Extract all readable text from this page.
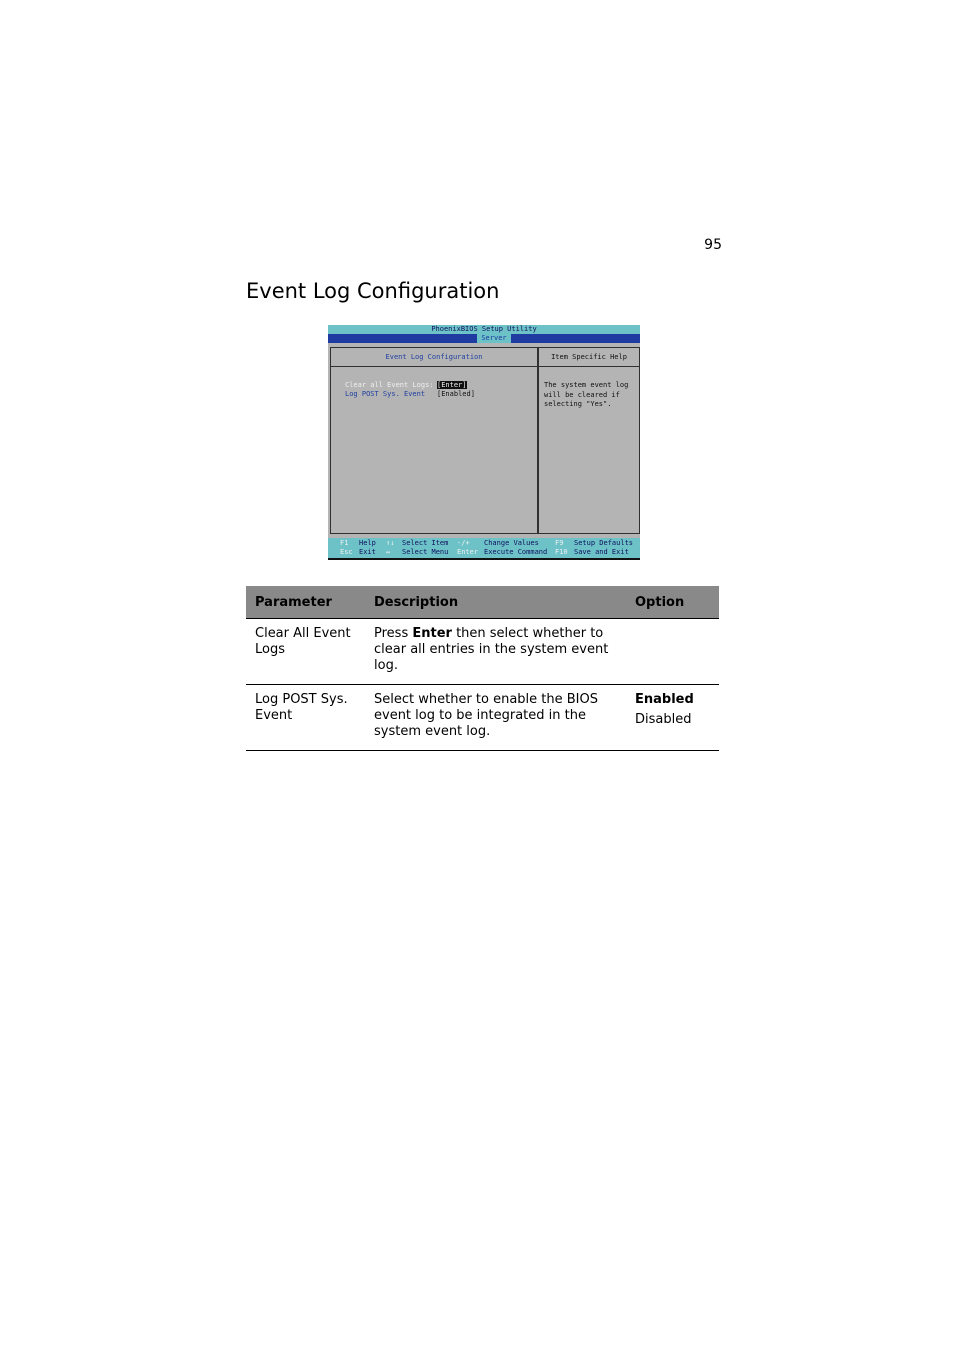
95
Event Log Configuration
PhoenixBIOS Setup Utility
Server
Event Log Configuration
Clear all Event Logs: [Enter]
Log POST Sys. Event [Enabled]
Item Specific Help
The system event log
will be cleared if
selecting "Yes".
F1 Help ↑↓ Select Item -/+ Change Values F9 Setup Defaults
Esc Exit ↔ Select Menu Enter Execute Command F10 Save and Exit
Parameter	Description	Option
Clear All Event Logs	Press Enter then select whether to clear all entries in the system event log.	
Log POST Sys. Event	Select whether to enable the BIOS event log to be integrated in the system event log.	Enabled
Disabled
